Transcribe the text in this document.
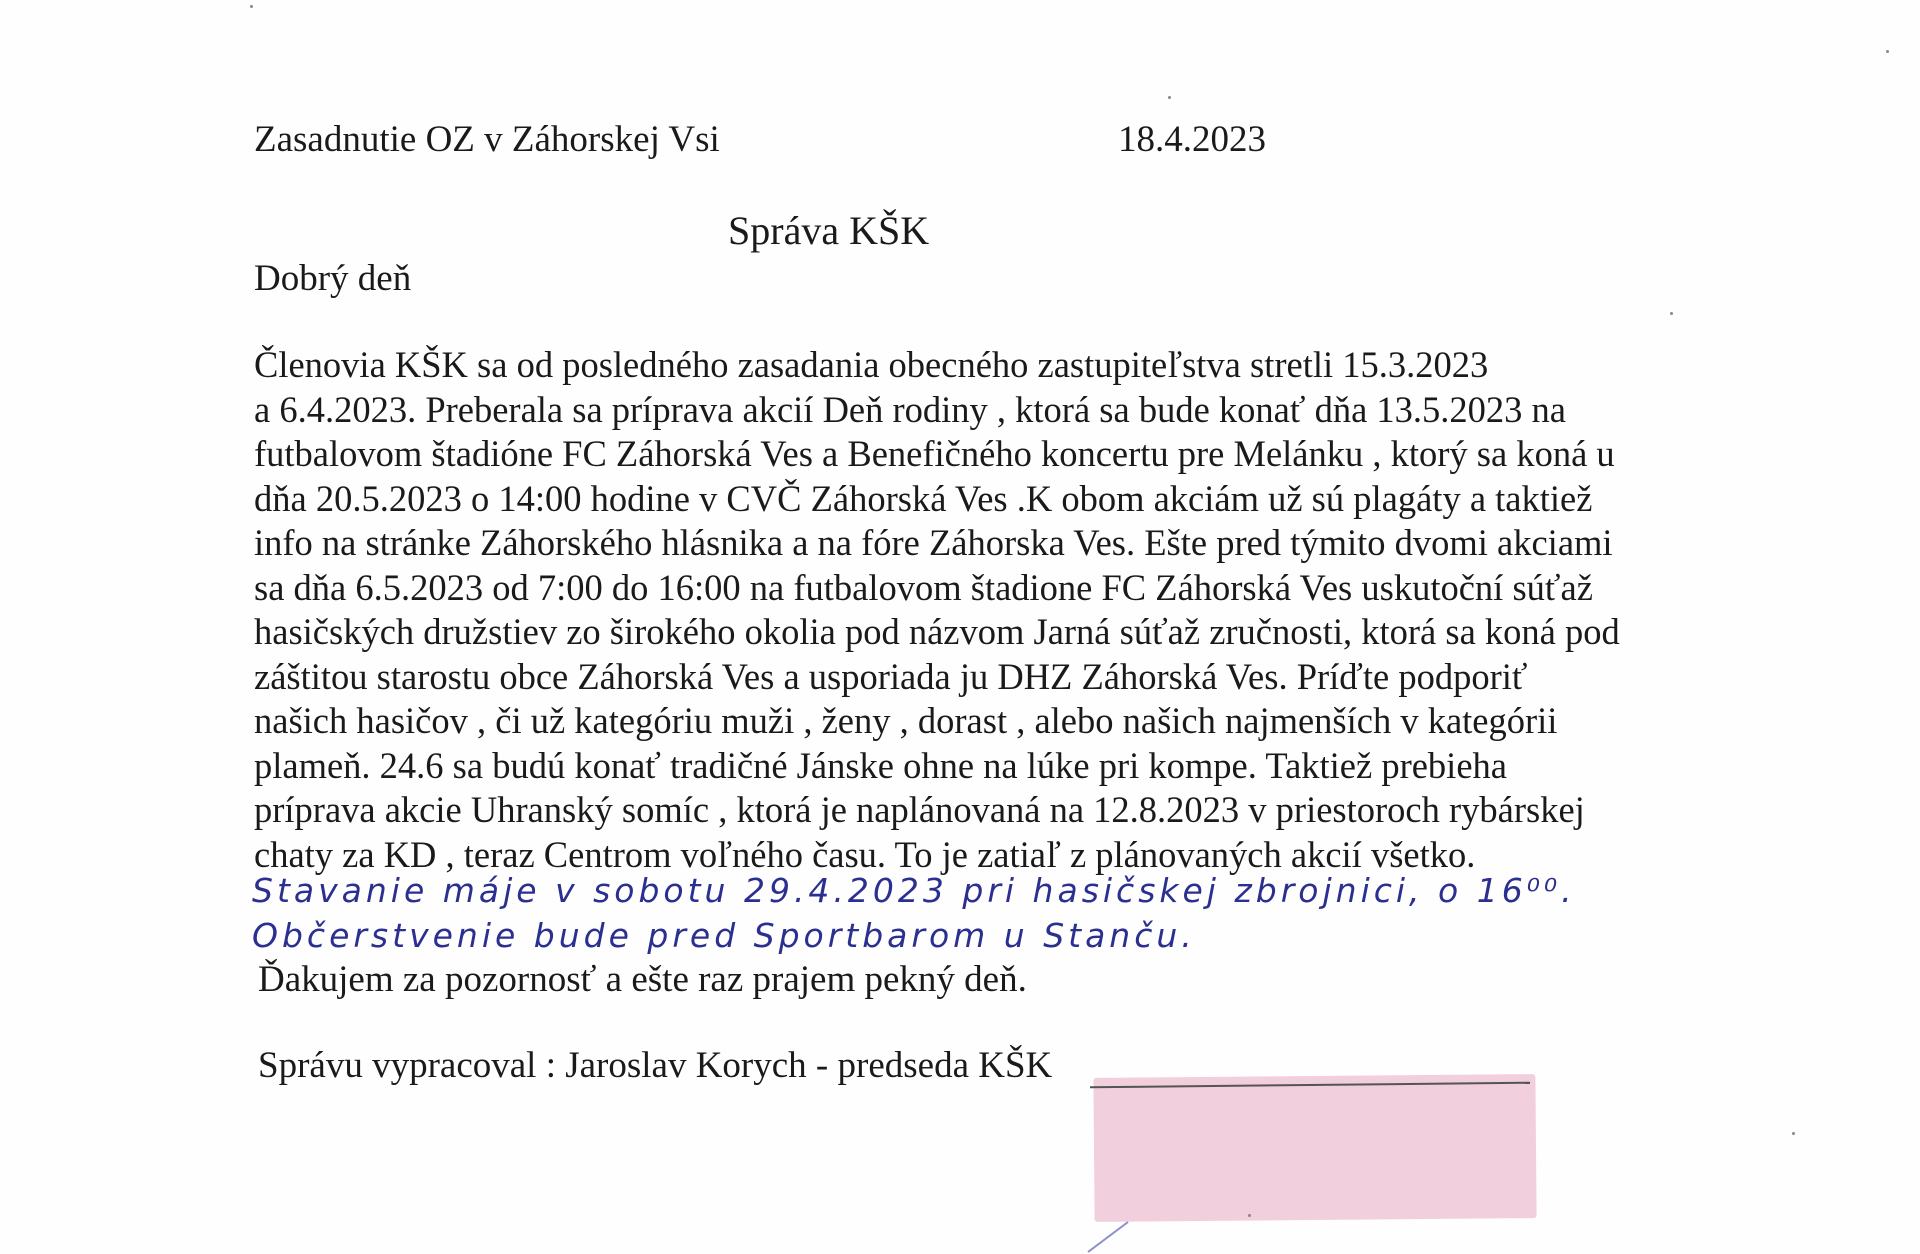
Zasadnutie OZ v Záhorskej Vsi	18.4.2023
Správa KŠK
Dobrý deň
Členovia KŠK sa od posledného zasadania obecného zastupiteľstva stretli 15.3.2023
a 6.4.2023. Preberala sa príprava akcií Deň rodiny , ktorá sa bude konať dňa 13.5.2023 na
futbalovom štadióne FC Záhorská Ves a Benefičného koncertu pre Melánku , ktorý sa koná u
dňa 20.5.2023 o 14:00 hodine v CVČ Záhorská Ves .K obom akciám už sú plagáty a taktiež
info na stránke Záhorského hlásnika a na fóre Záhorska Ves. Ešte pred týmito dvomi akciami
sa dňa 6.5.2023 od 7:00 do 16:00 na futbalovom štadione FC Záhorská Ves uskutoční súťaž
hasičských družstiev zo širokého okolia pod názvom Jarná súťaž zručnosti, ktorá sa koná pod
záštitou starostu obce Záhorská Ves a usporiada ju DHZ Záhorská Ves. Príďte podporiť
našich hasičov , či už kategóriu muži , ženy , dorast , alebo našich najmenších v kategórii
plameň. 24.6 sa budú konať tradičné Jánske ohne na lúke pri kompe. Taktiež prebieha
príprava akcie Uhranský somíc , ktorá je naplánovaná na 12.8.2023 v priestoroch rybárskej
chaty za KD , teraz Centrom voľného času. To je zatiaľ z plánovaných akcií všetko.
Stavanie máje v sobotu 29.4.2023 pri hasičskej zbrojnici, o 16⁰⁰.
Občerstvenie bude pred Sportbarom u Stanču.
Ďakujem za pozornosť a ešte raz prajem pekný deň.
Správu vypracoval : Jaroslav Korych - predseda KŠK
